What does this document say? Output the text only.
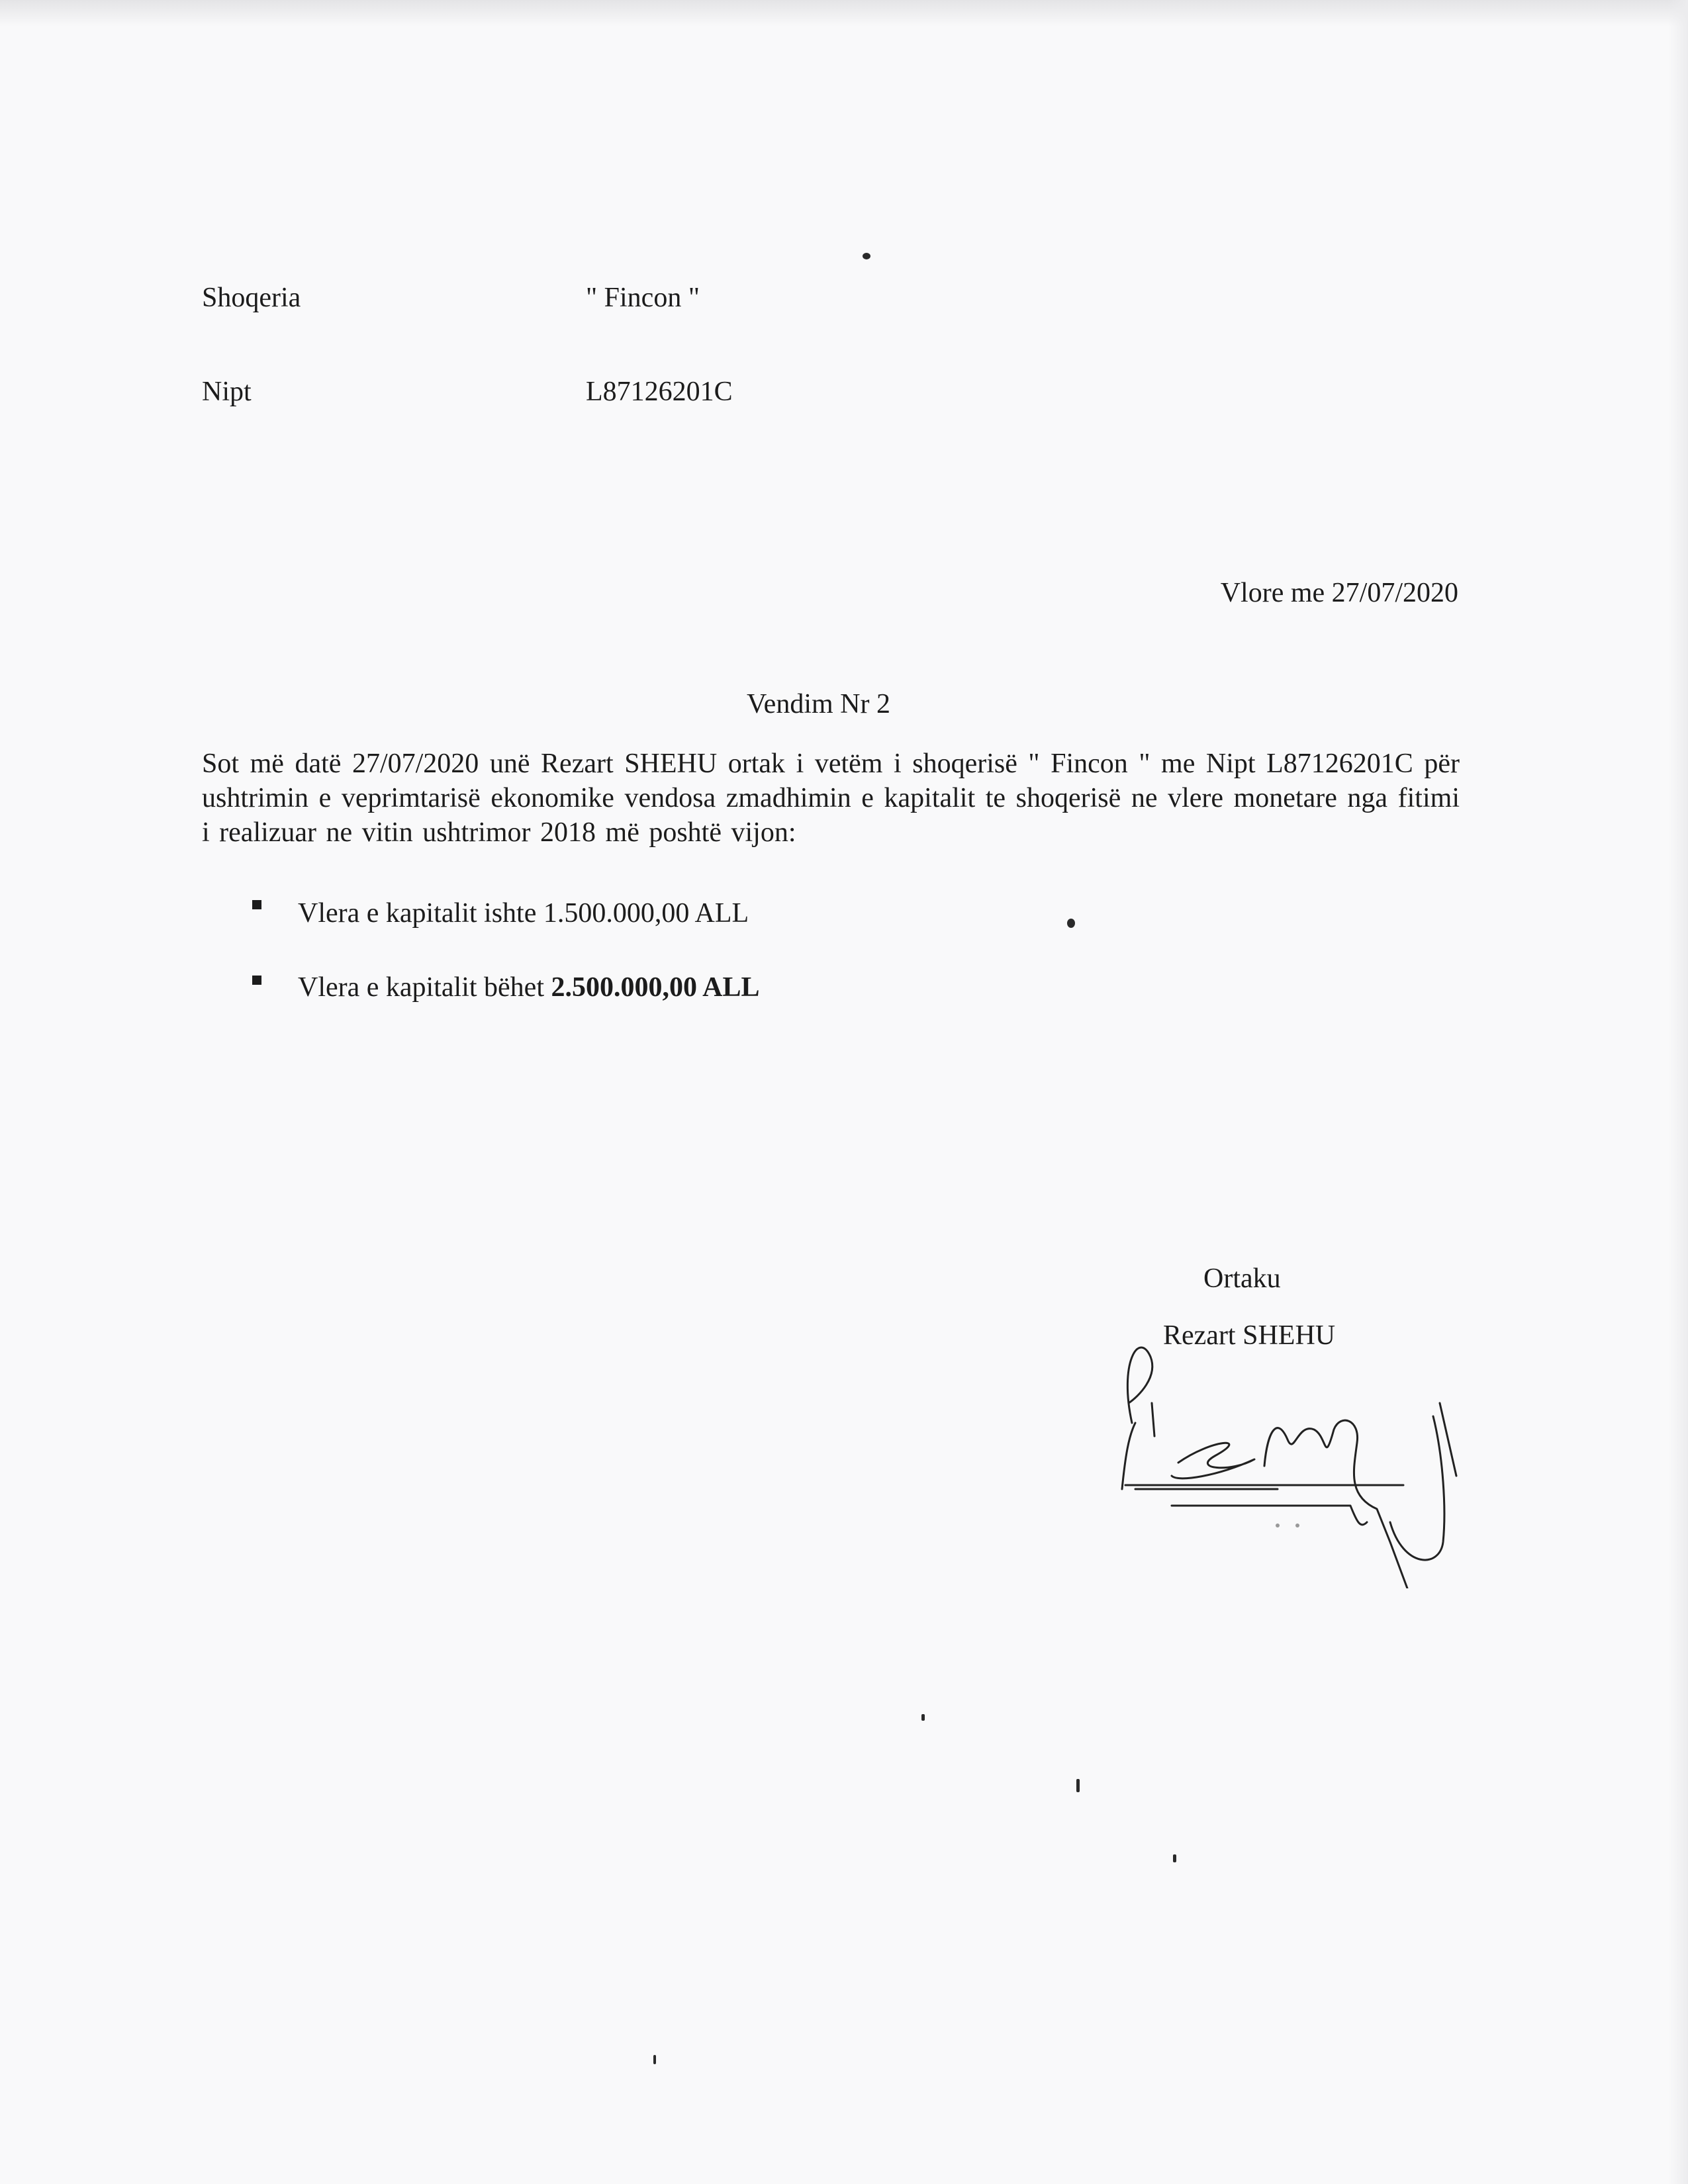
Shoqeria	" Fincon "
Nipt	L87126201C
Vlore me 27/07/2020
Vendim Nr 2
Sot më datë 27/07/2020 unë Rezart SHEHU ortak i vetëm i shoqerisë " Fincon " me Nipt L87126201C për ushtrimin e veprimtarisë ekonomike vendosa zmadhimin e kapitalit te shoqerisë ne vlere monetare nga fitimi i realizuar ne vitin ushtrimor 2018 më poshtë vijon:
Vlera e kapitalit ishte 1.500.000,00 ALL
Vlera e kapitalit bëhet 2.500.000,00 ALL
Ortaku
Rezart SHEHU
